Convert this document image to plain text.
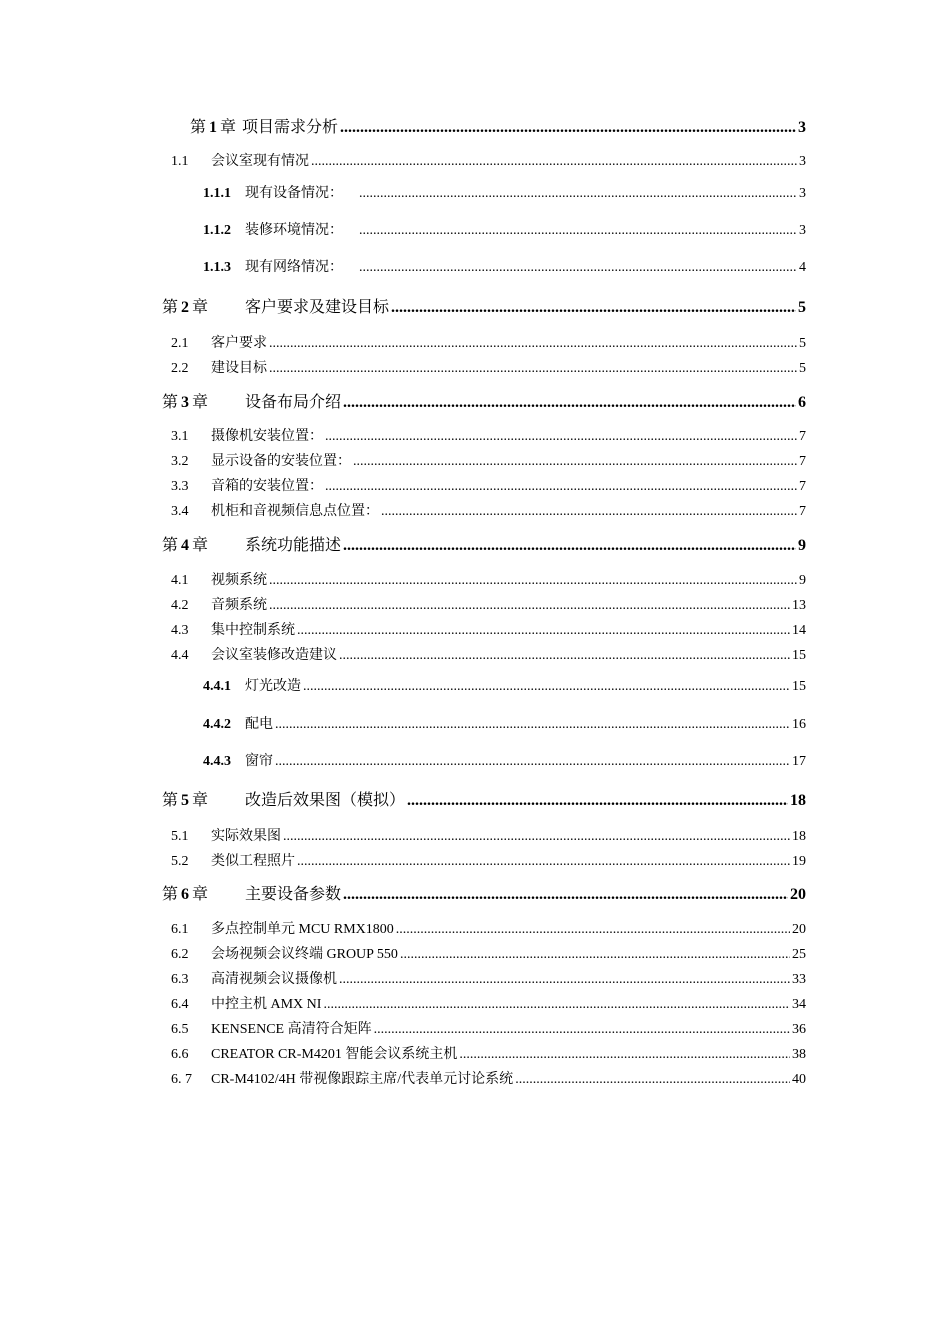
第 1 章 项目需求分析 .....	3
1.1	会议室现有情况 .....	3
1.1.1	现有设备情况： .....	3
1.1.2	装修环境情况： .....	3
1.1.3	现有网络情况： .....	4
第 2 章	客户要求及建设目标 .....	5
2.1	客户要求 .....	5
2.2	建设目标 .....	5
第 3 章	设备布局介绍 .....	6
3.1	摄像机安装位置： .....	7
3.2	显示设备的安装位置： .....	7
3.3	音箱的安装位置： .....	7
3.4	机柜和音视频信息点位置： .....	7
第 4 章	系统功能描述 .....	9
4.1	视频系统 .....	9
4.2	音频系统 .....	13
4.3	集中控制系统 .....	14
4.4	会议室装修改造建议 .....	15
4.4.1	灯光改造 .....	15
4.4.2	配电 .....	16
4.4.3	窗帘 .....	17
第 5 章	改造后效果图（模拟） .....	18
5.1	实际效果图 .....	18
5.2	类似工程照片 .....	19
第 6 章	主要设备参数 .....	20
6.1	多点控制单元 MCU RMX1800 .....	20
6.2	会场视频会议终端 GROUP 550 .....	25
6.3	高清视频会议摄像机 .....	33
6.4	中控主机 AMX NI .....	34
6.5	KENSENCE 高清符合矩阵 .....	36
6.6	CREATOR CR-M4201 智能会议系统主机 .....	38
6. 7	CR-M4102/4H 带视像跟踪主席/代表单元讨论系统 .....	40
